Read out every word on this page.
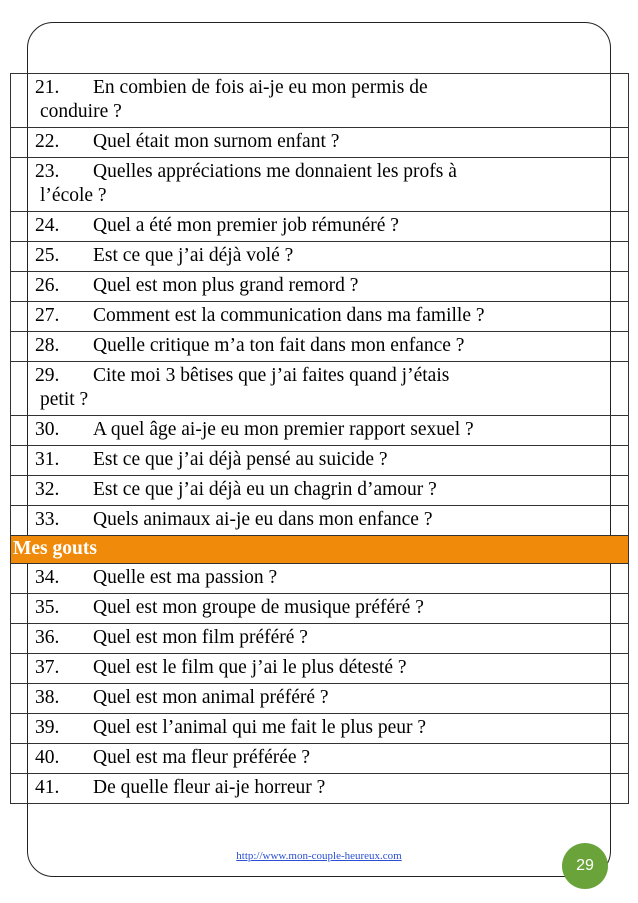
21. En combien de fois ai-je eu mon permis de
conduire ?
22. Quel était mon surnom enfant ?
23. Quelles appréciations me donnaient les profs à
l’école ?
24. Quel a été mon premier job rémunéré ?
25. Est ce que j’ai déjà volé ?
26. Quel est mon plus grand remord ?
27. Comment est la communication dans ma famille ?
28. Quelle critique m’a ton fait dans mon enfance ?
29. Cite moi 3 bêtises que j’ai faites quand j’étais
petit ?
30. A quel âge ai-je eu mon premier rapport sexuel ?
31. Est ce que j’ai déjà pensé au suicide ?
32. Est ce que j’ai déjà eu un chagrin d’amour ?
33. Quels animaux ai-je eu dans mon enfance ?
Mes gouts
34. Quelle est ma passion ?
35. Quel est mon groupe de musique préféré ?
36. Quel est mon film préféré ?
37. Quel est le film que j’ai le plus détesté ?
38. Quel est mon animal préféré ?
39. Quel est l’animal qui me fait le plus peur ?
40. Quel est ma fleur préférée ?
41. De quelle fleur ai-je horreur ?
http://www.mon-couple-heureux.com
29
